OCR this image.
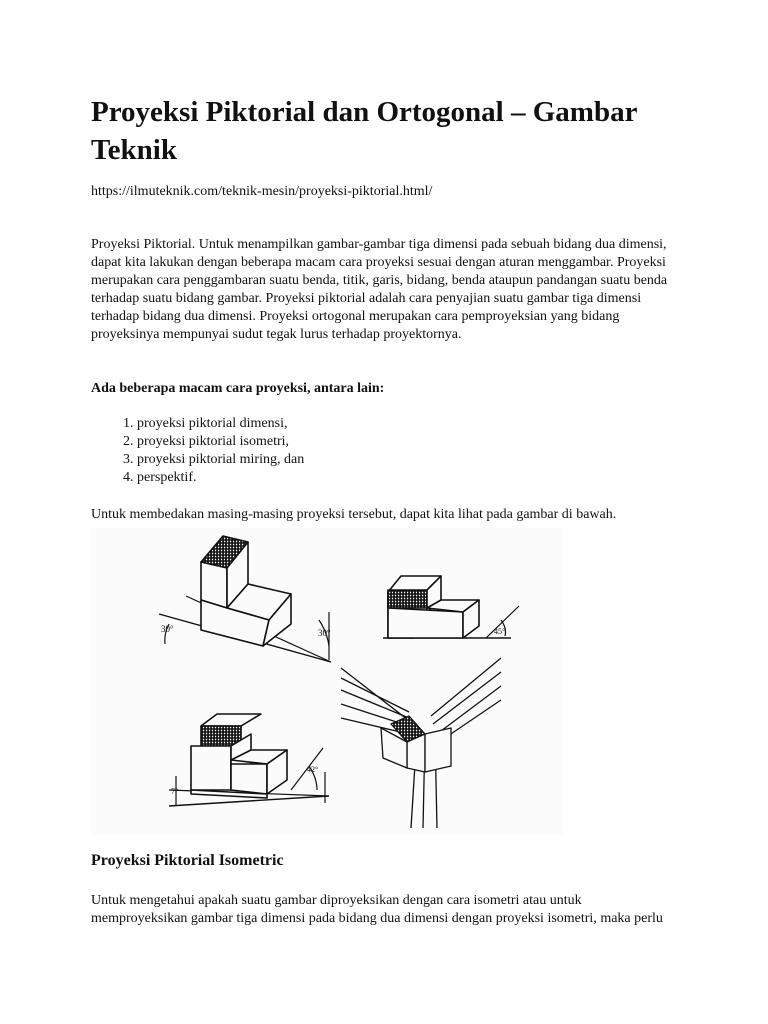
Proyeksi Piktorial dan Ortogonal – Gambar Teknik
https://ilmuteknik.com/teknik-mesin/proyeksi-piktorial.html/

Proyeksi Piktorial. Untuk menampilkan gambar-gambar tiga dimensi pada sebuah bidang dua dimensi, dapat kita lakukan dengan beberapa macam cara proyeksi sesuai dengan aturan menggambar. Proyeksi merupakan cara penggambaran suatu benda, titik, garis, bidang, benda ataupun pandangan suatu benda terhadap suatu bidang gambar. Proyeksi piktorial adalah cara penyajian suatu gambar tiga dimensi terhadap bidang dua dimensi. Proyeksi ortogonal merupakan cara pemproyeksian yang bidang proyeksinya mempunyai sudut tegak lurus terhadap proyektornya.

Ada beberapa macam cara proyeksi, antara lain:

1. proyeksi piktorial dimensi,
2. proyeksi piktorial isometri,
3. proyeksi piktorial miring, dan
4. perspektif.

Untuk membedakan masing-masing proyeksi tersebut, dapat kita lihat pada gambar di bawah.

30°	30°	45°
7°
42°
Proyeksi Piktorial Isometric

Untuk mengetahui apakah suatu gambar diproyeksikan dengan cara isometri atau untuk memproyeksikan gambar tiga dimensi pada bidang dua dimensi dengan proyeksi isometri, maka perlu
